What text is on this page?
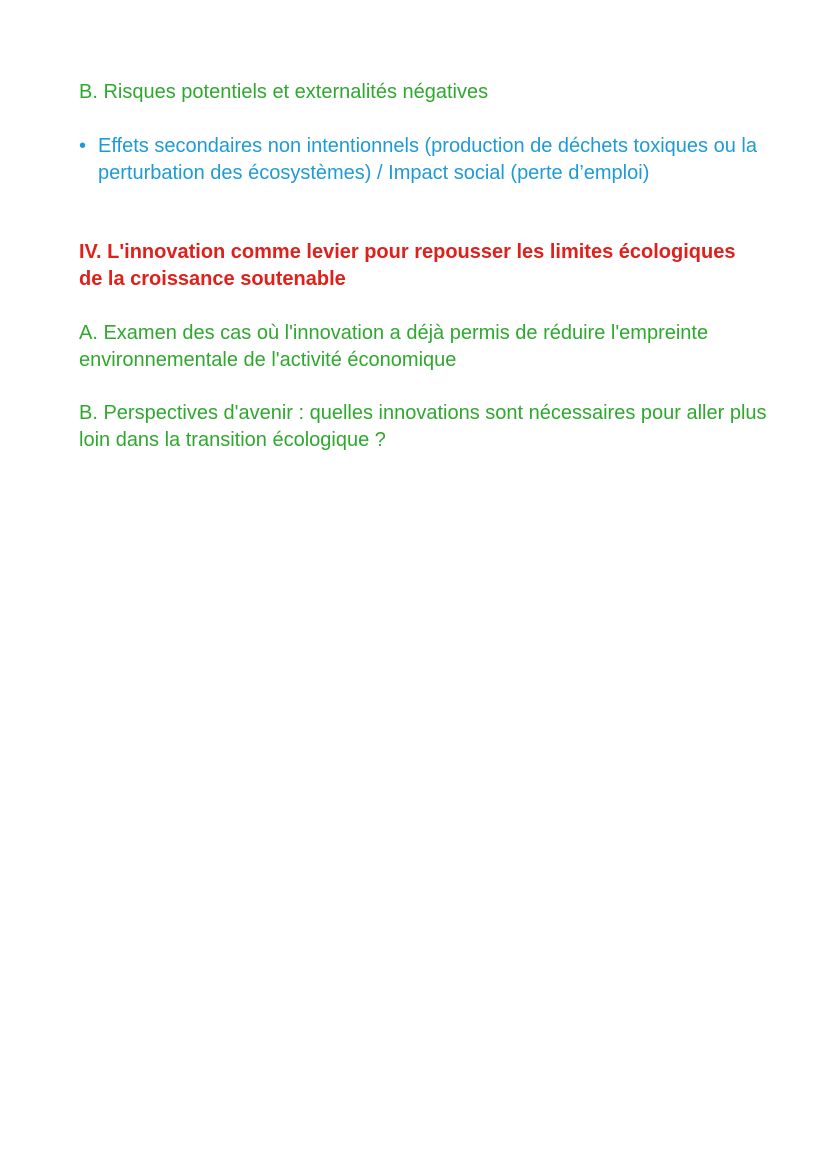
B. Risques potentiels et externalités négatives

• Effets secondaires non intentionnels (production de déchets toxiques ou la perturbation des écosystèmes) / Impact social (perte d’emploi)

IV. L'innovation comme levier pour repousser les limites écologiques de la croissance soutenable

A. Examen des cas où l'innovation a déjà permis de réduire l'empreinte environnementale de l'activité économique

B. Perspectives d'avenir : quelles innovations sont nécessaires pour aller plus loin dans la transition écologique ?
